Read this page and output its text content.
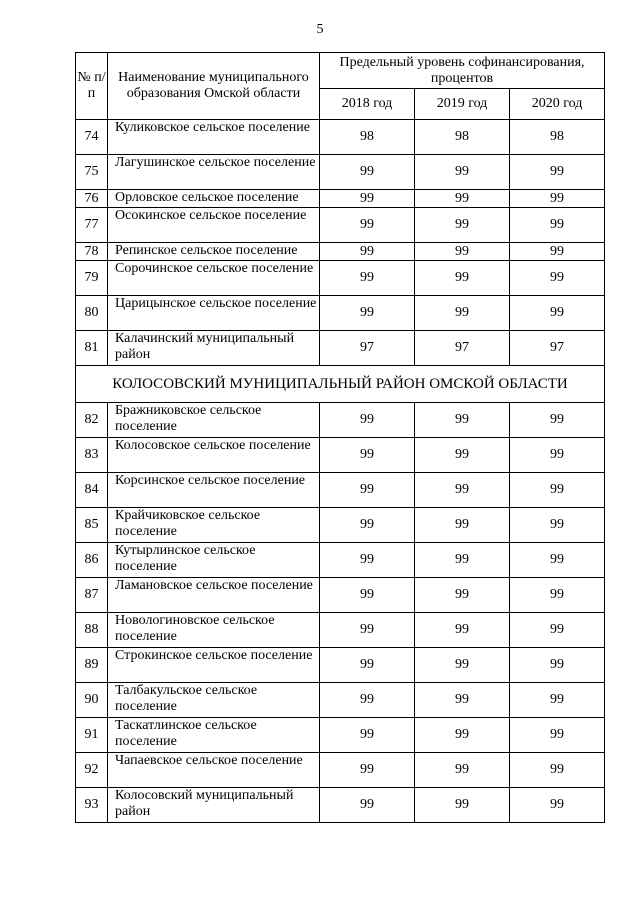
5
№ п/п	Наименование муниципального образования Омской области	Предельный уровень софинансирования, процентов		
		2018 год	2019 год	2020 год
74	Куликовское сельское поселение	98	98	98
75	Лагушинское сельское поселение	99	99	99
76	Орловское сельское поселение	99	99	99
77	Осокинское сельское поселение	99	99	99
78	Репинское сельское поселение	99	99	99
79	Сорочинское сельское поселение	99	99	99
80	Царицынское сельское поселение	99	99	99
81	Калачинский муниципальный район	97	97	97
КОЛОСОВСКИЙ МУНИЦИПАЛЬНЫЙ РАЙОН ОМСКОЙ ОБЛАСТИ				
82	Бражниковское сельское поселение	99	99	99
83	Колосовское сельское поселение	99	99	99
84	Корсинское сельское поселение	99	99	99
85	Крайчиковское сельское поселение	99	99	99
86	Кутырлинское сельское поселение	99	99	99
87	Ламановское сельское поселение	99	99	99
88	Новологиновское сельское поселение	99	99	99
89	Строкинское сельское поселение	99	99	99
90	Талбакульское сельское поселение	99	99	99
91	Таскатлинское сельское поселение	99	99	99
92	Чапаевское сельское поселение	99	99	99
93	Колосовский муниципальный район	99	99	99
